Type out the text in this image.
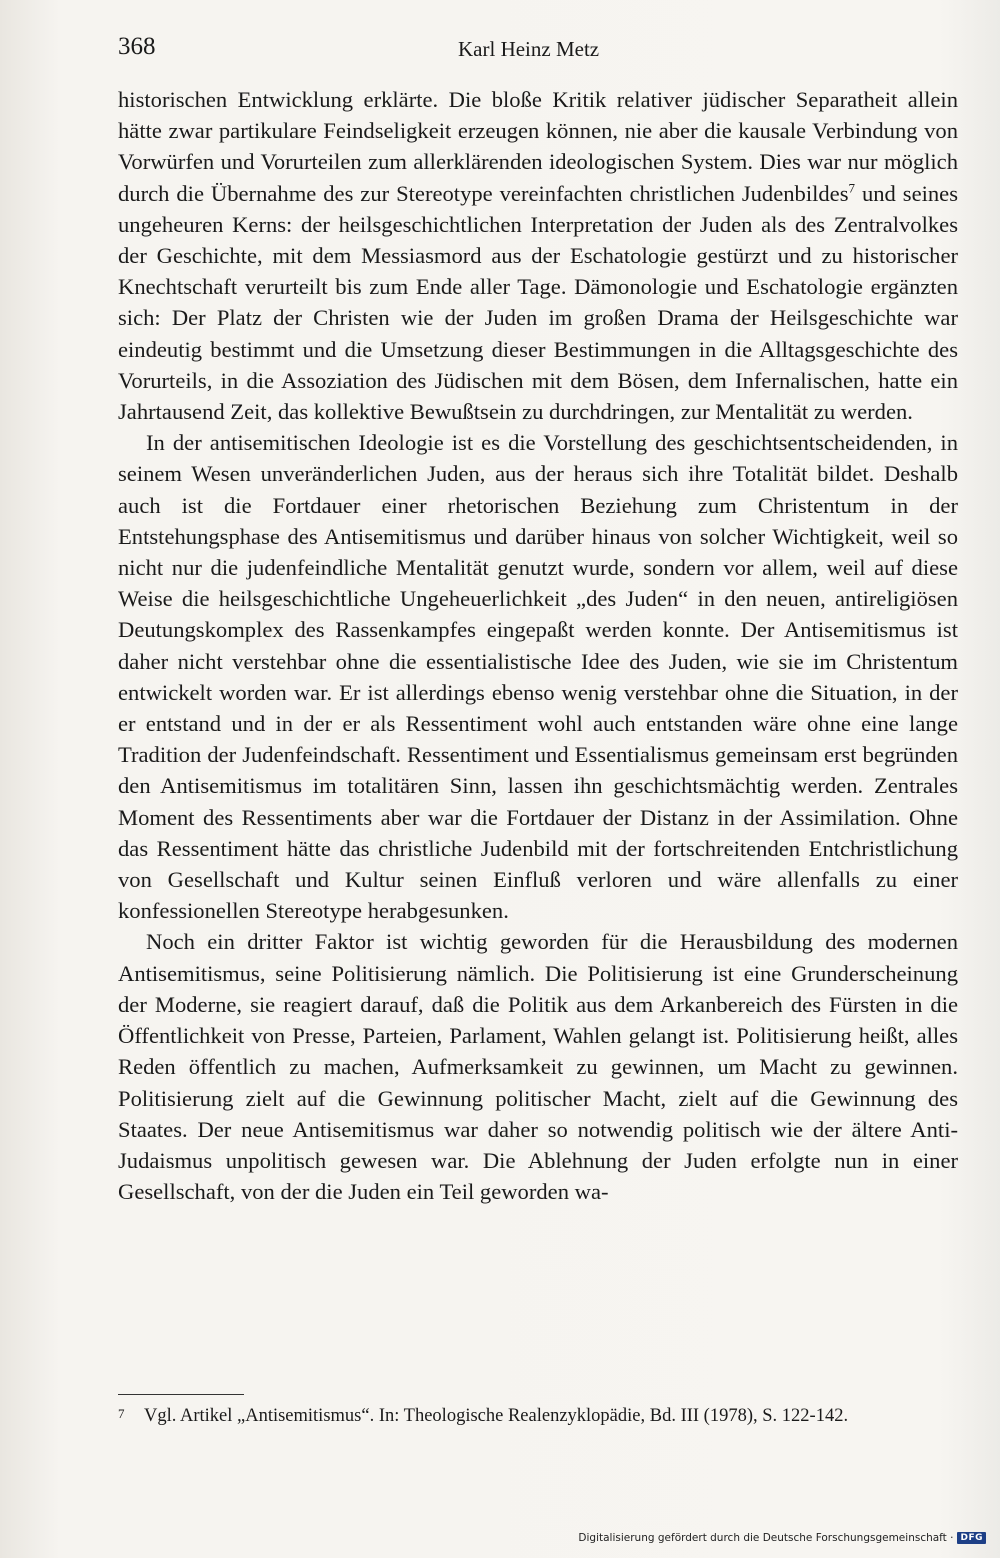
368	Karl Heinz Metz

historischen Entwicklung erklärte. Die bloße Kritik relativer jüdischer Separatheit allein hätte zwar partikulare Feindseligkeit erzeugen können, nie aber die kausale Verbindung von Vorwürfen und Vorurteilen zum allerklärenden ideologischen System. Dies war nur möglich durch die Übernahme des zur Stereotype vereinfachten christlichen Judenbildes$^7$ und seines ungeheuren Kerns: der heilsgeschichtlichen Interpretation der Juden als des Zentralvolkes der Geschichte, mit dem Messiasmord aus der Eschatologie gestürzt und zu historischer Knechtschaft verurteilt bis zum Ende aller Tage. Dämonologie und Eschatologie ergänzten sich: Der Platz der Christen wie der Juden im großen Drama der Heilsgeschichte war eindeutig bestimmt und die Umsetzung dieser Bestimmungen in die Alltagsgeschichte des Vorurteils, in die Assoziation des Jüdischen mit dem Bösen, dem Infernalischen, hatte ein Jahrtausend Zeit, das kollektive Bewußtsein zu durchdringen, zur Mentalität zu werden.

In der antisemitischen Ideologie ist es die Vorstellung des geschichtsentscheidenden, in seinem Wesen unveränderlichen Juden, aus der heraus sich ihre Totalität bildet. Deshalb auch ist die Fortdauer einer rhetorischen Beziehung zum Christentum in der Entstehungsphase des Antisemitismus und darüber hinaus von solcher Wichtigkeit, weil so nicht nur die judenfeindliche Mentalität genutzt wurde, sondern vor allem, weil auf diese Weise die heilsgeschichtliche Ungeheuerlichkeit „des Juden“ in den neuen, antireligiösen Deutungskomplex des Rassenkampfes eingepaßt werden konnte. Der Antisemitismus ist daher nicht verstehbar ohne die essentialistische Idee des Juden, wie sie im Christentum entwickelt worden war. Er ist allerdings ebenso wenig verstehbar ohne die Situation, in der er entstand und in der er als Ressentiment wohl auch entstanden wäre ohne eine lange Tradition der Judenfeindschaft. Ressentiment und Essentialismus gemeinsam erst begründen den Antisemitismus im totalitären Sinn, lassen ihn geschichtsmächtig werden. Zentrales Moment des Ressentiments aber war die Fortdauer der Distanz in der Assimilation. Ohne das Ressentiment hätte das christliche Judenbild mit der fortschreitenden Entchristlichung von Gesellschaft und Kultur seinen Einfluß verloren und wäre allenfalls zu einer konfessionellen Stereotype herabgesunken.

Noch ein dritter Faktor ist wichtig geworden für die Herausbildung des modernen Antisemitismus, seine Politisierung nämlich. Die Politisierung ist eine Grunderscheinung der Moderne, sie reagiert darauf, daß die Politik aus dem Arkanbereich des Fürsten in die Öffentlichkeit von Presse, Parteien, Parlament, Wahlen gelangt ist. Politisierung heißt, alles Reden öffentlich zu machen, Aufmerksamkeit zu gewinnen, um Macht zu gewinnen. Politisierung zielt auf die Gewinnung politischer Macht, zielt auf die Gewinnung des Staates. Der neue Antisemitismus war daher so notwendig politisch wie der ältere Anti-Judaismus unpolitisch gewesen war. Die Ablehnung der Juden erfolgte nun in einer Gesellschaft, von der die Juden ein Teil geworden wa-

7 Vgl. Artikel „Antisemitismus“. In: Theologische Realenzyklopädie, Bd. III (1978), S. 122-142.
Digitalisierung gefördert durch die Deutsche Forschungsgemeinschaft · DFG
